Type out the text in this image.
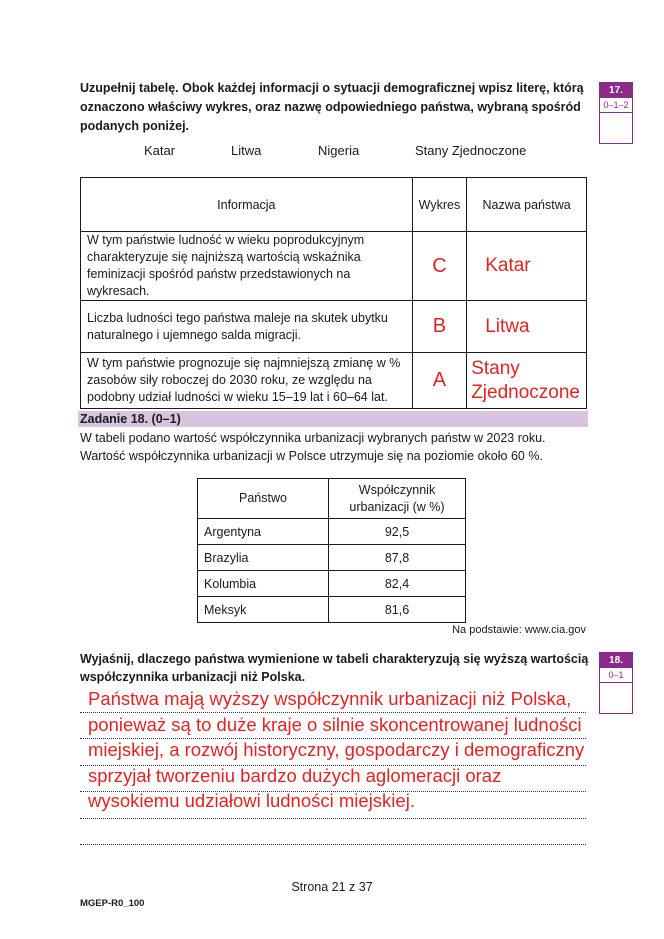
Uzupełnij tabelę. Obok każdej informacji o sytuacji demograficznej wpisz literę, którą oznaczono właściwy wykres, oraz nazwę odpowiedniego państwa, wybraną spośród podanych poniżej.
17.
0–1–2
Katar	Litwa	Nigeria	Stany Zjednoczone
Informacja	Wykres	Nazwa państwa
W tym państwie ludność w wieku poprodukcyjnym charakteryzuje się najniższą wartością wskaźnika feminizacji spośród państw przedstawionych na wykresach.	C	Katar
Liczba ludności tego państwa maleje na skutek ubytku naturalnego i ujemnego salda migracji.	B	Litwa
W tym państwie prognozuje się najmniejszą zmianę w % zasobów siły roboczej do 2030 roku, ze względu na podobny udział ludności w wieku 15–19 lat i 60–64 lat.	A	Stany Zjednoczone
Zadanie 18. (0–1)
W tabeli podano wartość współczynnika urbanizacji wybranych państw w 2023 roku. Wartość współczynnika urbanizacji w Polsce utrzymuje się na poziomie około 60 %.
Państwo	Współczynnik urbanizacji (w %)
Argentyna	92,5
Brazylia	87,8
Kolumbia	82,4
Meksyk	81,6
Na podstawie: www.cia.gov
Wyjaśnij, dlaczego państwa wymienione w tabeli charakteryzują się wyższą wartością współczynnika urbanizacji niż Polska.
18.
0–1
Państwa mają wyższy współczynnik urbanizacji niż Polska, ponieważ są to duże kraje o silnie skoncentrowanej ludności miejskiej, a rozwój historyczny, gospodarczy i demograficzny sprzyjał tworzeniu bardzo dużych aglomeracji oraz wysokiemu udziałowi ludności miejskiej.
Strona 21 z 37
MGEP-R0_100
